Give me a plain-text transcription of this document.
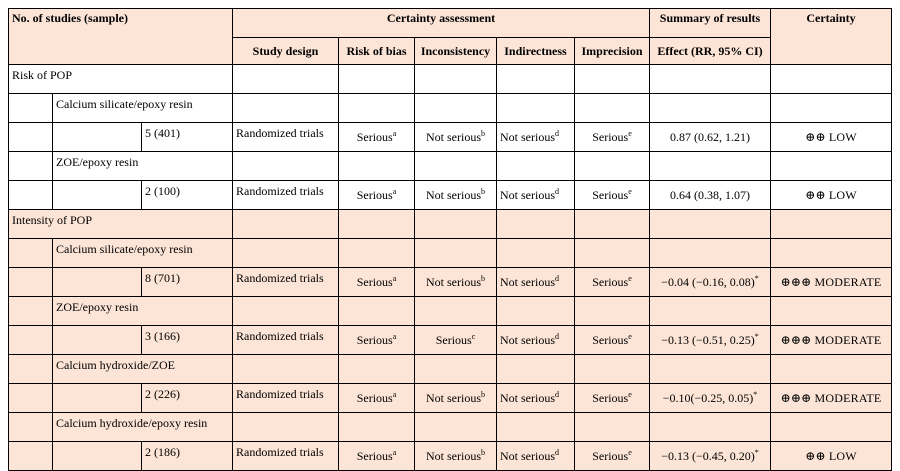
No. of studies (sample)			Certainty assessment					Summary of results	Certainty
			Study design	Risk of bias	Inconsistency	Indirectness	Imprecision	Effect (RR, 95% CI)	
Risk of POP									
	Calcium silicate/epoxy resin								
		5 (401)	Randomized trials	Serious$^a$	Not serious$^b$	Not serious$^d$	Serious$^e$	0.87 (0.62, 1.21)	⊕⊕ LOW
	ZOE/epoxy resin								
		2 (100)	Randomized trials	Serious$^a$	Not serious$^b$	Not serious$^d$	Serious$^e$	0.64 (0.38, 1.07)	⊕⊕ LOW
Intensity of POP									
	Calcium silicate/epoxy resin								
		8 (701)	Randomized trials	Serious$^a$	Not serious$^b$	Not serious$^d$	Serious$^e$	−0.04 (−0.16, 0.08)*	⊕⊕⊕ MODERATE
	ZOE/epoxy resin								
		3 (166)	Randomized trials	Serious$^a$	Serious$^c$	Not serious$^d$	Serious$^e$	−0.13 (−0.51, 0.25)*	⊕⊕⊕ MODERATE
	Calcium hydroxide/ZOE								
		2 (226)	Randomized trials	Serious$^a$	Not serious$^b$	Not serious$^d$	Serious$^e$	−0.10(−0.25, 0.05)*	⊕⊕⊕ MODERATE
	Calcium hydroxide/epoxy resin								
		2 (186)	Randomized trials	Serious$^a$	Not serious$^b$	Not serious$^d$	Serious$^e$	−0.13 (−0.45, 0.20)*	⊕⊕ LOW
